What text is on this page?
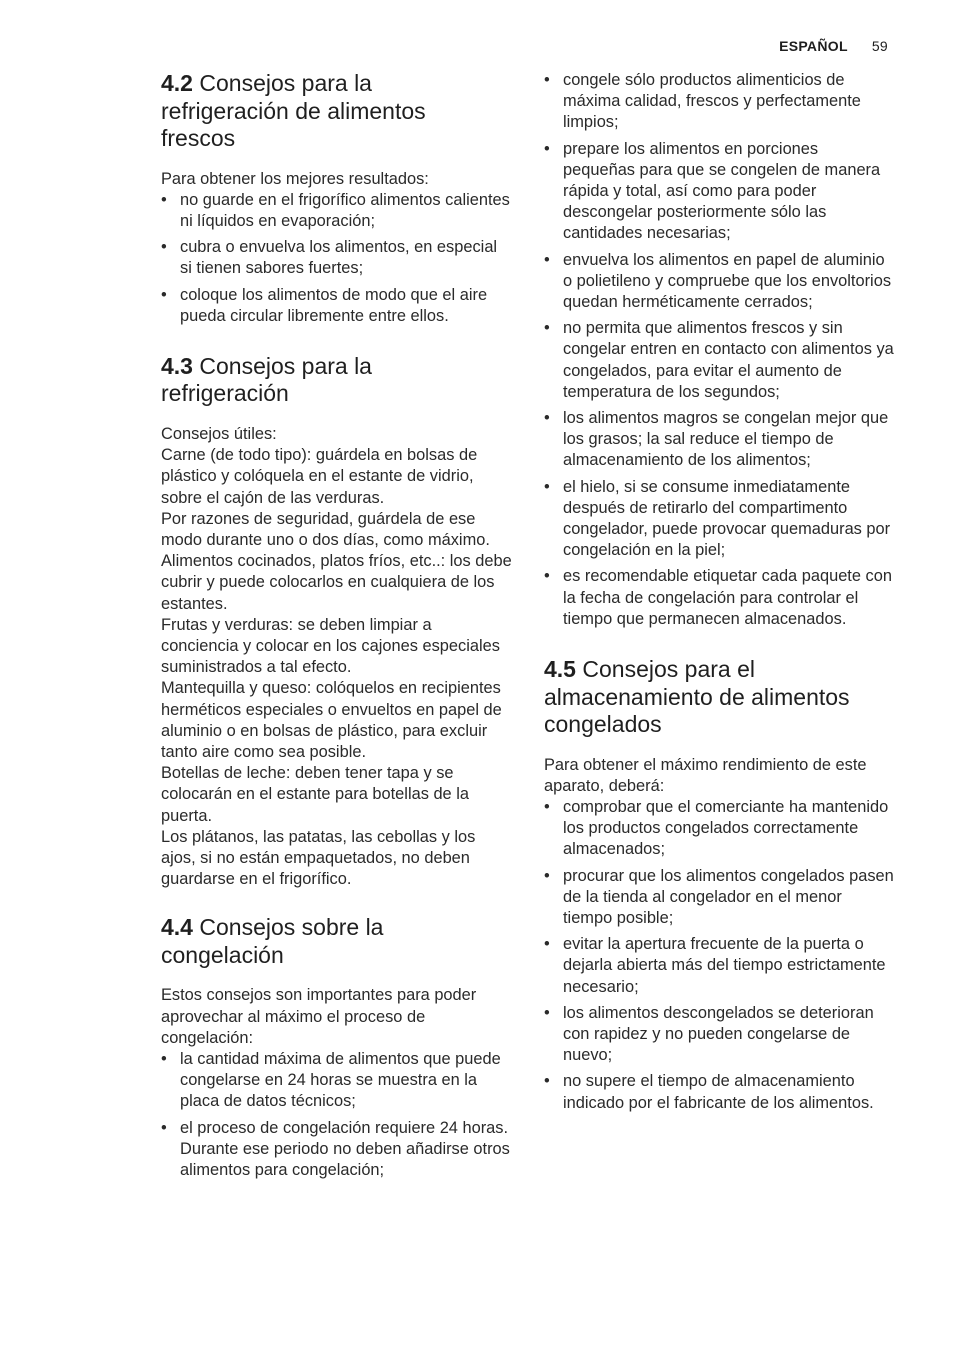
ESPAÑOL 59
4.2 Consejos para la
refrigeración de alimentos
frescos

Para obtener los mejores resultados:

• no guarde en el frigorífico alimentos calientes ni líquidos en evaporación;
• cubra o envuelva los alimentos, en especial si tienen sabores fuertes;
• coloque los alimentos de modo que el aire pueda circular libremente entre ellos.
4.3 Consejos para la
refrigeración

Consejos útiles:

Carne (de todo tipo): guárdela en bolsas de plástico y colóquela en el estante de vidrio, sobre el cajón de las verduras.

Por razones de seguridad, guárdela de ese modo durante uno o dos días, como máximo.

Alimentos cocinados, platos fríos, etc..: los debe cubrir y puede colocarlos en cualquiera de los estantes.

Frutas y verduras: se deben limpiar a conciencia y colocar en los cajones especiales suministrados a tal efecto.

Mantequilla y queso: colóquelos en recipientes herméticos especiales o envueltos en papel de aluminio o en bolsas de plástico, para excluir tanto aire como sea posible.

Botellas de leche: deben tener tapa y se colocarán en el estante para botellas de la puerta.

Los plátanos, las patatas, las cebollas y los ajos, si no están empaquetados, no deben guardarse en el frigorífico.

4.4 Consejos sobre la
congelación

Estos consejos son importantes para poder aprovechar al máximo el proceso de congelación:

• la cantidad máxima de alimentos que puede congelarse en 24 horas se muestra en la placa de datos técnicos;
• el proceso de congelación requiere 24 horas. Durante ese periodo no deben añadirse otros alimentos para congelación;
• congele sólo productos alimenticios de máxima calidad, frescos y perfectamente limpios;
• prepare los alimentos en porciones pequeñas para que se congelen de manera rápida y total, así como para poder descongelar posteriormente sólo las cantidades necesarias;
• envuelva los alimentos en papel de aluminio o polietileno y compruebe que los envoltorios quedan herméticamente cerrados;
• no permita que alimentos frescos y sin congelar entren en contacto con alimentos ya congelados, para evitar el aumento de temperatura de los segundos;
• los alimentos magros se congelan mejor que los grasos; la sal reduce el tiempo de almacenamiento de los alimentos;
• el hielo, si se consume inmediatamente después de retirarlo del compartimento congelador, puede provocar quemaduras por congelación en la piel;
• es recomendable etiquetar cada paquete con la fecha de congelación para controlar el tiempo que permanecen almacenados.
4.5 Consejos para el
almacenamiento de alimentos
congelados

Para obtener el máximo rendimiento de este aparato, deberá:

• comprobar que el comerciante ha mantenido los productos congelados correctamente almacenados;
• procurar que los alimentos congelados pasen de la tienda al congelador en el menor tiempo posible;
• evitar la apertura frecuente de la puerta o dejarla abierta más del tiempo estrictamente necesario;
• los alimentos descongelados se deterioran con rapidez y no pueden congelarse de nuevo;
• no supere el tiempo de almacenamiento indicado por el fabricante de los alimentos.
